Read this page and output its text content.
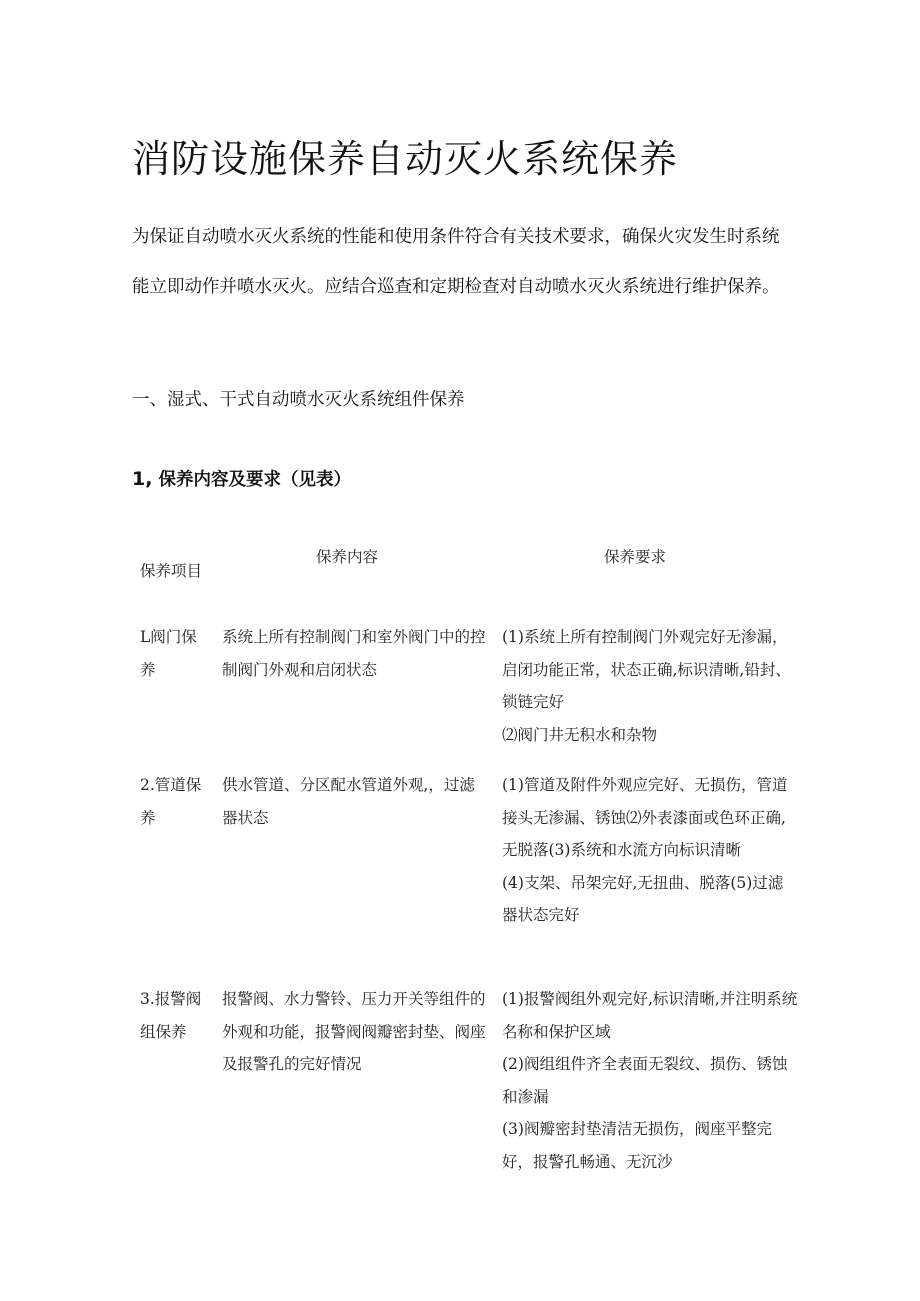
消防设施保养自动灭火系统保养

为保证自动喷水灭火系统的性能和使用条件符合有关技术要求，确保火灾发生时系统能立即动作并喷水灭火。应结合巡查和定期检查对自动喷水灭火系统进行维护保养。

一、湿式、干式自动喷水灭火系统组件保养
1, 保养内容及要求（见表）
保养项目
保养内容	保养要求
L阀门保养
系统上所有控制阀门和室外阀门中的控制阀门外观和启闭状态
(1)系统上所有控制阀门外观完好无渗漏，启闭功能正常，状态正确,标识清晰,铅封、锁链完好
⑵阀门井无积水和杂物
2.管道保养
供水管道、分区配水管道外观,，过滤器状态
(1)管道及附件外观应完好、无损伤，管道接头无渗漏、锈蚀⑵外表漆面或色环正确,无脱落(3)系统和水流方向标识清晰
(4)支架、吊架完好,无扭曲、脱落(5)过滤器状态完好
3.报警阀组保养
报警阀、水力警铃、压力开关等组件的外观和功能，报警阀阀瓣密封垫、阀座及报警孔的完好情况
(1)报警阀组外观完好,标识清晰,并注明系统名称和保护区域
(2)阀组组件齐全表面无裂纹、损伤、锈蚀和渗漏
(3)阀瓣密封垫清洁无损伤，阀座平整完好，报警孔畅通、无沉沙
